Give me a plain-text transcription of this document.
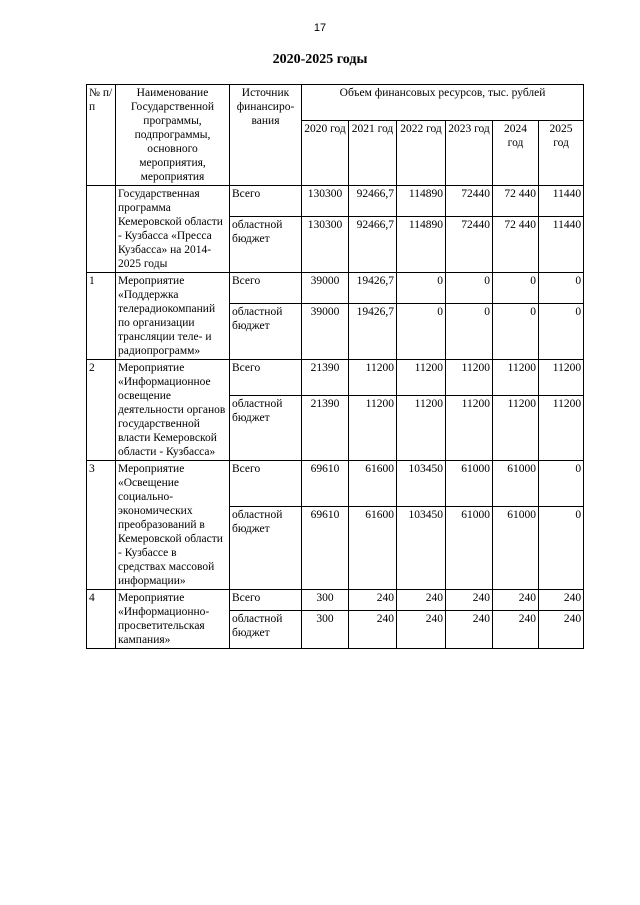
17
2020-2025 годы
№ п/п	Наименование Государственной программы, подпрограммы, основного мероприятия, мероприятия	Источник финансиро-вания	Объем финансовых ресурсов, тыс. рублей					
			2020 год	2021 год	2022 год	2023 год	2024 год	2025 год
	Государственная программа Кемеровской области - Кузбасса «Пресса Кузбасса» на 2014-2025 годы	Всего	130300	92466,7	114890	72440	72 440	11440
		областной бюджет	130300	92466,7	114890	72440	72 440	11440
1	Мероприятие «Поддержка телерадиокомпаний по организации трансляции теле- и радиопрограмм»	Всего	39000	19426,7	0	0	0	0
		областной бюджет	39000	19426,7	0	0	0	0
2	Мероприятие «Информационное освещение деятельности органов государственной власти Кемеровской области - Кузбасса»	Всего	21390	11200	11200	11200	11200	11200
		областной бюджет	21390	11200	11200	11200	11200	11200
3	Мероприятие «Освещение социально-экономических преобразований в Кемеровской области - Кузбассе в средствах массовой информации»	Всего	69610	61600	103450	61000	61000	0
		областной бюджет	69610	61600	103450	61000	61000	0
4	Мероприятие «Информационно-просветительская кампания»	Всего	300	240	240	240	240	240
		областной бюджет	300	240	240	240	240	240
